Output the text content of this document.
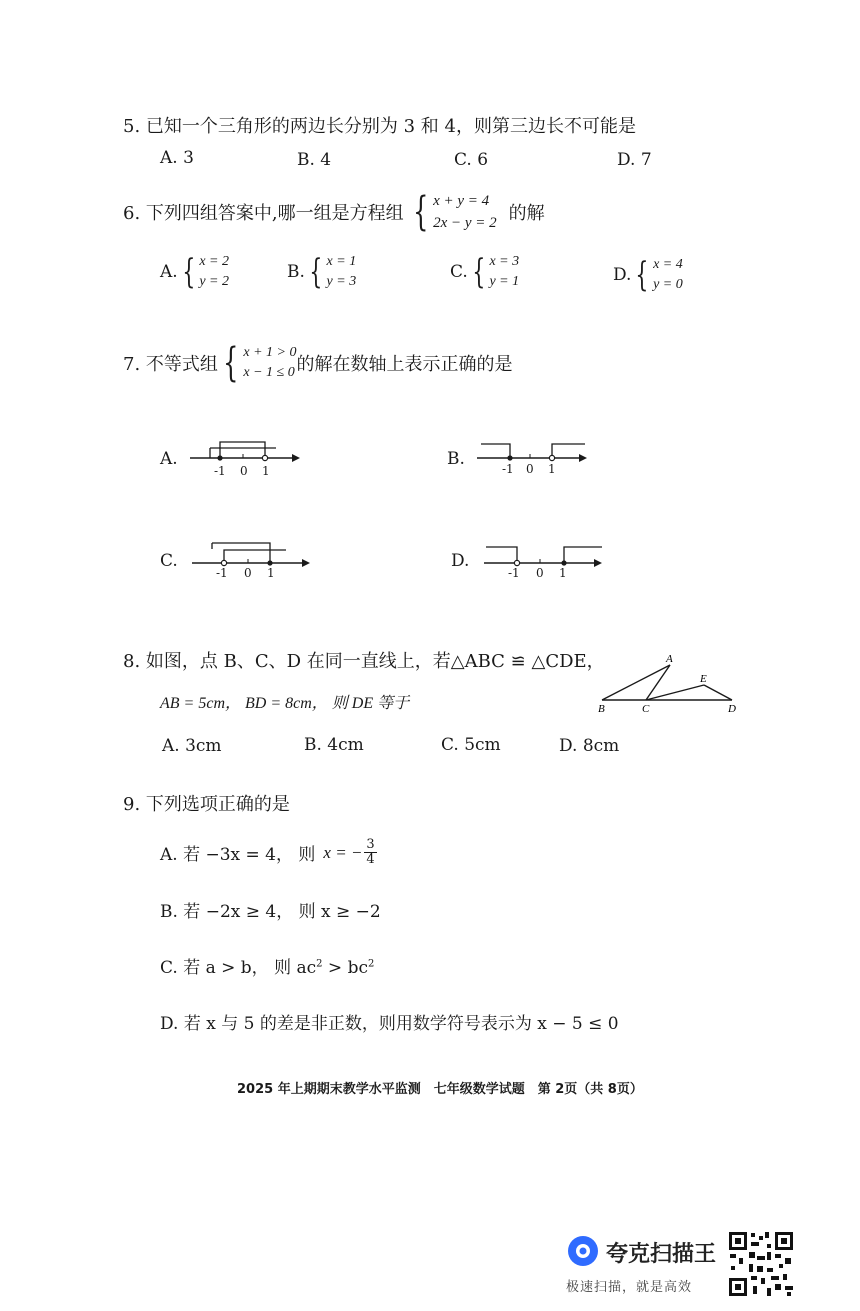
5. 已知一个三角形的两边长分别为 3 和 4，则第三边长不可能是
A. 3	B. 4	C. 6	D. 7
6. 下列四组答案中,哪一组是方程组 { x + y = 4
2x − y = 2 的解
A. { x = 2
y = 2	B. { x = 1
y = 3	C. { x = 3
y = 1	D. { x = 4
y = 0
7. 不等式组 { x + 1 > 0
x − 1 ≤ 0 的解在数轴上表示正确的是
A.
-1 0 1
B.	-1 0 1
C.
-1 0 1
D.
-1 0 1
8. 如图，点 B、C、D 在同一直线上，若△ABC ≌ △CDE，
AB = 5cm， BD = 8cm， 则 DE 等于
A
B	C	D
E
A. 3cm	B. 4cm	C. 5cm	D. 8cm
9. 下列选项正确的是
A. 若 −3x = 4， 则 x = − $\frac{3}{4}$
B. 若 −2x ≥ 4， 则 x ≥ −2
C. 若 a > b， 则 $ac^2 > bc^2$
D. 若 x 与 5 的差是非正数，则用数学符号表示为 x − 5 ≤ 0
2025 年上期期末教学水平监测　七年级数学试题　第 2页（共 8页）
夸克扫描王
极速扫描，就是高效
